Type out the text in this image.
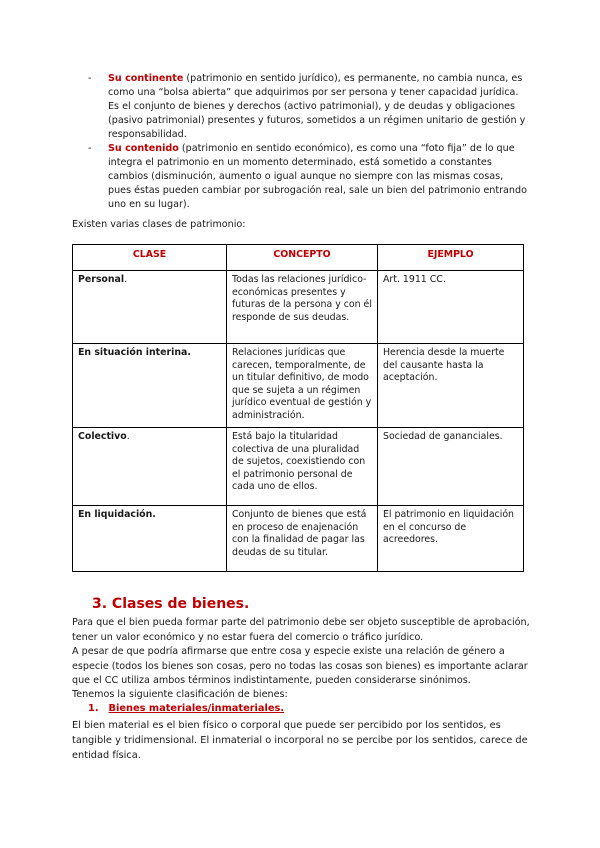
- Su continente (patrimonio en sentido jurídico), es permanente, no cambia nunca, es como una “bolsa abierta” que adquirimos por ser persona y tener capacidad jurídica. Es el conjunto de bienes y derechos (activo patrimonial), y de deudas y obligaciones (pasivo patrimonial) presentes y futuros, sometidos a un régimen unitario de gestión y responsabilidad.
- Su contenido (patrimonio en sentido económico), es como una “foto fija” de lo que integra el patrimonio en un momento determinado, está sometido a constantes cambios (disminución, aumento o igual aunque no siempre con las mismas cosas, pues éstas pueden cambiar por subrogación real, sale un bien del patrimonio entrando uno en su lugar).
Existen varias clases de patrimonio:
CLASE	CONCEPTO	EJEMPLO
Personal.	Todas las relaciones jurídico-económicas presentes y futuras de la persona y con él responde de sus deudas.	Art. 1911 CC.
En situación interina.	Relaciones jurídicas que carecen, temporalmente, de un titular definitivo, de modo que se sujeta a un régimen jurídico eventual de gestión y administración.	Herencia desde la muerte del causante hasta la aceptación.
Colectivo.	Está bajo la titularidad colectiva de una pluralidad de sujetos, coexistiendo con el patrimonio personal de cada uno de ellos.	Sociedad de gananciales.
En liquidación.	Conjunto de bienes que está en proceso de enajenación con la finalidad de pagar las deudas de su titular.	El patrimonio en liquidación en el concurso de acreedores.
3. Clases de bienes.

Para que el bien pueda formar parte del patrimonio debe ser objeto susceptible de aprobación, tener un valor económico y no estar fuera del comercio o tráfico jurídico.

A pesar de que podría afirmarse que entre cosa y especie existe una relación de género a especie (todos los bienes son cosas, pero no todas las cosas son bienes) es importante aclarar que el CC utiliza ambos términos indistintamente, pueden considerarse sinónimos.

Tenemos la siguiente clasificación de bienes:

1. Bienes materiales/inmateriales.

El bien material es el bien físico o corporal que puede ser percibido por los sentidos, es tangible y tridimensional. El inmaterial o incorporal no se percibe por los sentidos, carece de entidad física.
